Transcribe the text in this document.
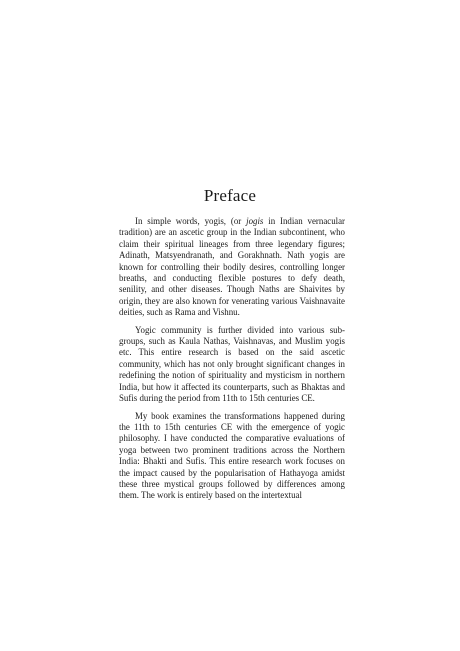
Preface

In simple words, yogis, (or jogis in Indian vernacular tradition) are an ascetic group in the Indian subcontinent, who claim their spiritual lineages from three legendary figures; Adinath, Matsyendranath, and Gorakhnath. Nath yogis are known for controlling their bodily desires, controlling longer breaths, and conducting flexible postures to defy death, senility, and other diseases. Though Naths are Shaivites by origin, they are also known for venerating various Vaishnavaite deities, such as Rama and Vishnu.

Yogic community is further divided into various sub-groups, such as Kaula Nathas, Vaishnavas, and Muslim yogis etc. This entire research is based on the said ascetic community, which has not only brought significant changes in redefining the notion of spirituality and mysticism in northern India, but how it affected its counterparts, such as Bhaktas and Sufis during the period from 11th to 15th centuries CE.

My book examines the transformations happened during the 11th to 15th centuries CE with the emergence of yogic philosophy. I have conducted the comparative evaluations of yoga between two prominent traditions across the Northern India: Bhakti and Sufis. This entire research work focuses on the impact caused by the popularisation of Hathayoga amidst these three mystical groups followed by differences among them. The work is entirely based on the intertextual
